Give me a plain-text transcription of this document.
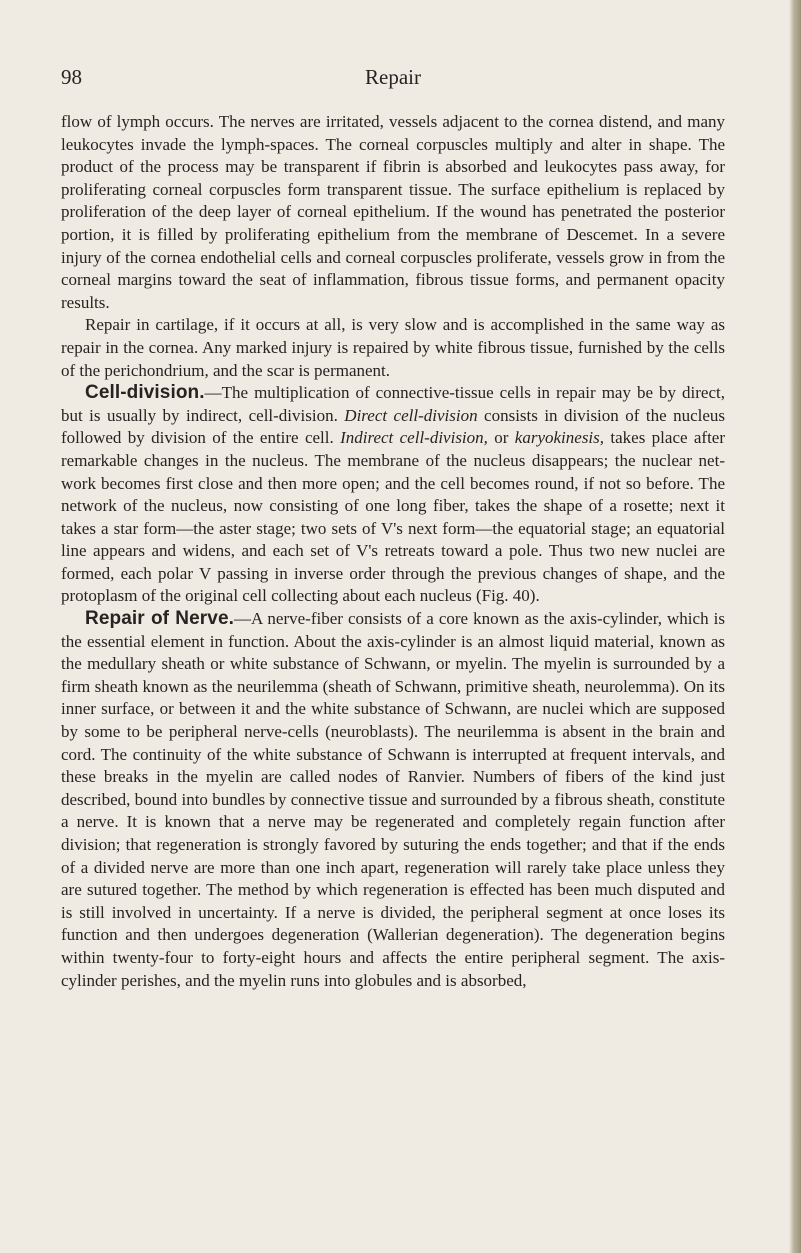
98	Repair

flow of lymph occurs. The nerves are irritated, vessels adjacent to the cornea distend, and many leukocytes invade the lymph-spaces. The corneal corpuscles multiply and alter in shape. The product of the process may be transparent if fibrin is absorbed and leukocytes pass away, for proliferating corneal corpuscles form transparent tissue. The surface epithelium is replaced by proliferation of the deep layer of corneal epithelium. If the wound has penetrated the posterior portion, it is filled by proliferating epithelium from the membrane of Descemet. In a severe injury of the cornea endothelial cells and corneal corpuscles proliferate, vessels grow in from the corneal margins toward the seat of inflammation, fibrous tissue forms, and permanent opacity results.

Repair in cartilage, if it occurs at all, is very slow and is accomplished in the same way as repair in the cornea. Any marked injury is repaired by white fibrous tissue, furnished by the cells of the perichondrium, and the scar is permanent.

Cell-division.—The multiplication of connective-tissue cells in repair may be by direct, but is usually by indirect, cell-division. Direct cell-division consists in division of the nucleus followed by division of the entire cell. Indirect cell-division, or karyokinesis, takes place after remarkable changes in the nucleus. The membrane of the nucleus disappears; the nuclear network becomes first close and then more open; and the cell becomes round, if not so before. The network of the nucleus, now consisting of one long fiber, takes the shape of a rosette; next it takes a star form—the aster stage; two sets of V's next form—the equatorial stage; an equatorial line appears and widens, and each set of V's retreats toward a pole. Thus two new nuclei are formed, each polar V passing in inverse order through the previous changes of shape, and the protoplasm of the original cell collecting about each nucleus (Fig. 40).

Repair of Nerve.—A nerve-fiber consists of a core known as the axis-cylinder, which is the essential element in function. About the axis-cylinder is an almost liquid material, known as the medullary sheath or white substance of Schwann, or myelin. The myelin is surrounded by a firm sheath known as the neurilemma (sheath of Schwann, primitive sheath, neurolemma). On its inner surface, or between it and the white substance of Schwann, are nuclei which are supposed by some to be peripheral nerve-cells (neuroblasts). The neurilemma is absent in the brain and cord. The continuity of the white substance of Schwann is interrupted at frequent intervals, and these breaks in the myelin are called nodes of Ranvier. Numbers of fibers of the kind just described, bound into bundles by connective tissue and surrounded by a fibrous sheath, constitute a nerve. It is known that a nerve may be regenerated and completely regain function after division; that regeneration is strongly favored by suturing the ends together; and that if the ends of a divided nerve are more than one inch apart, regeneration will rarely take place unless they are sutured together. The method by which regeneration is effected has been much disputed and is still involved in uncertainty. If a nerve is divided, the peripheral segment at once loses its function and then undergoes degeneration (Wallerian degeneration). The degeneration begins within twenty-four to forty-eight hours and affects the entire peripheral segment. The axis-cylinder perishes, and the myelin runs into globules and is absorbed,
